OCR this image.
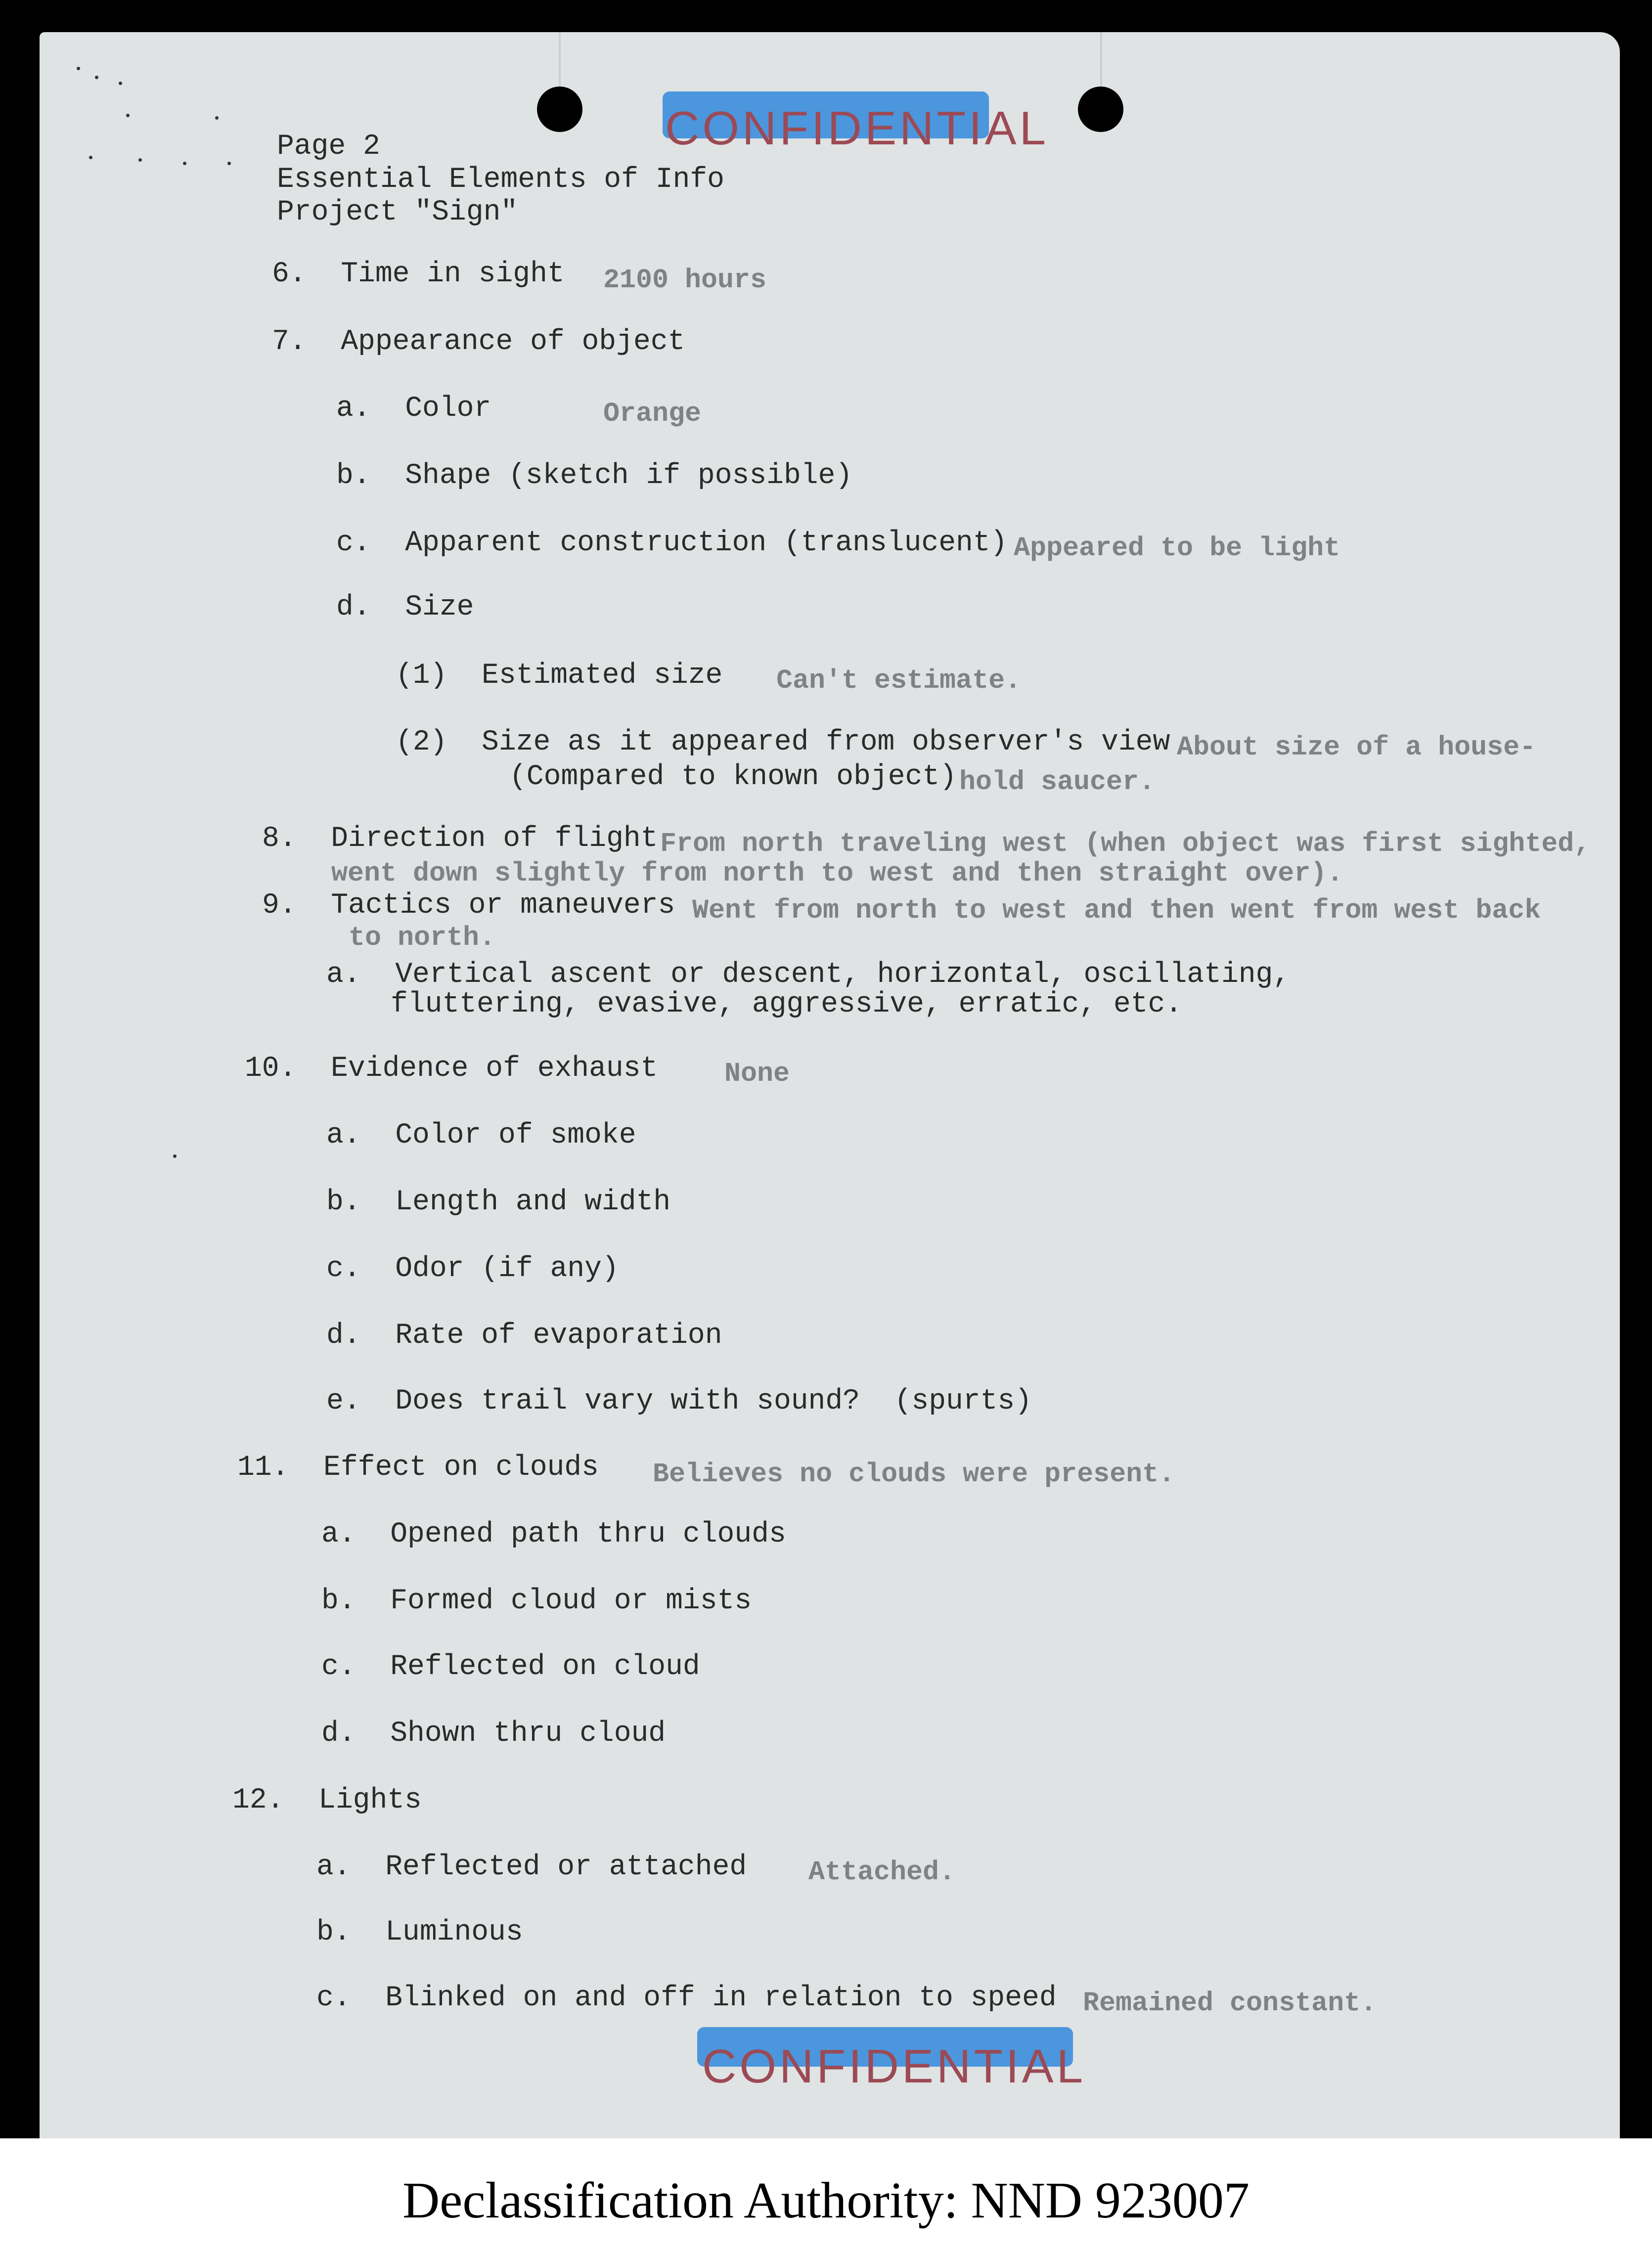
CONFIDENTIAL
Page 2
Essential Elements of Info
Project "Sign"
6.  Time in sight 2100 hours
7.  Appearance of object
a.  Color	Orange
b.  Shape (sketch if possible)
c.  Apparent construction (translucent) Appeared to be light
d.  Size
(1)  Estimated size Can't estimate.
(2)  Size as it appeared from observer's view About size of a house-
(Compared to known object) hold saucer.
8.  Direction of flight From north traveling west (when object was first sighted,
went down slightly from north to west and then straight over).
9.  Tactics or maneuvers Went from north to west and then went from west back
to north.
a.  Vertical ascent or descent, horizontal, oscillating,
fluttering, evasive, aggressive, erratic, etc.
10.  Evidence of exhaust None
a.  Color of smoke
b.  Length and width
c.  Odor (if any)
d.  Rate of evaporation
e.  Does trail vary with sound?  (spurts)
11.  Effect on clouds Believes no clouds were present.
a.  Opened path thru clouds
b.  Formed cloud or mists
c.  Reflected on cloud
d.  Shown thru cloud
12.  Lights
a.  Reflected or attached Attached.
b.  Luminous
c.  Blinked on and off in relation to speed Remained constant.
CONFIDENTIAL
Declassification Authority: NND 923007
